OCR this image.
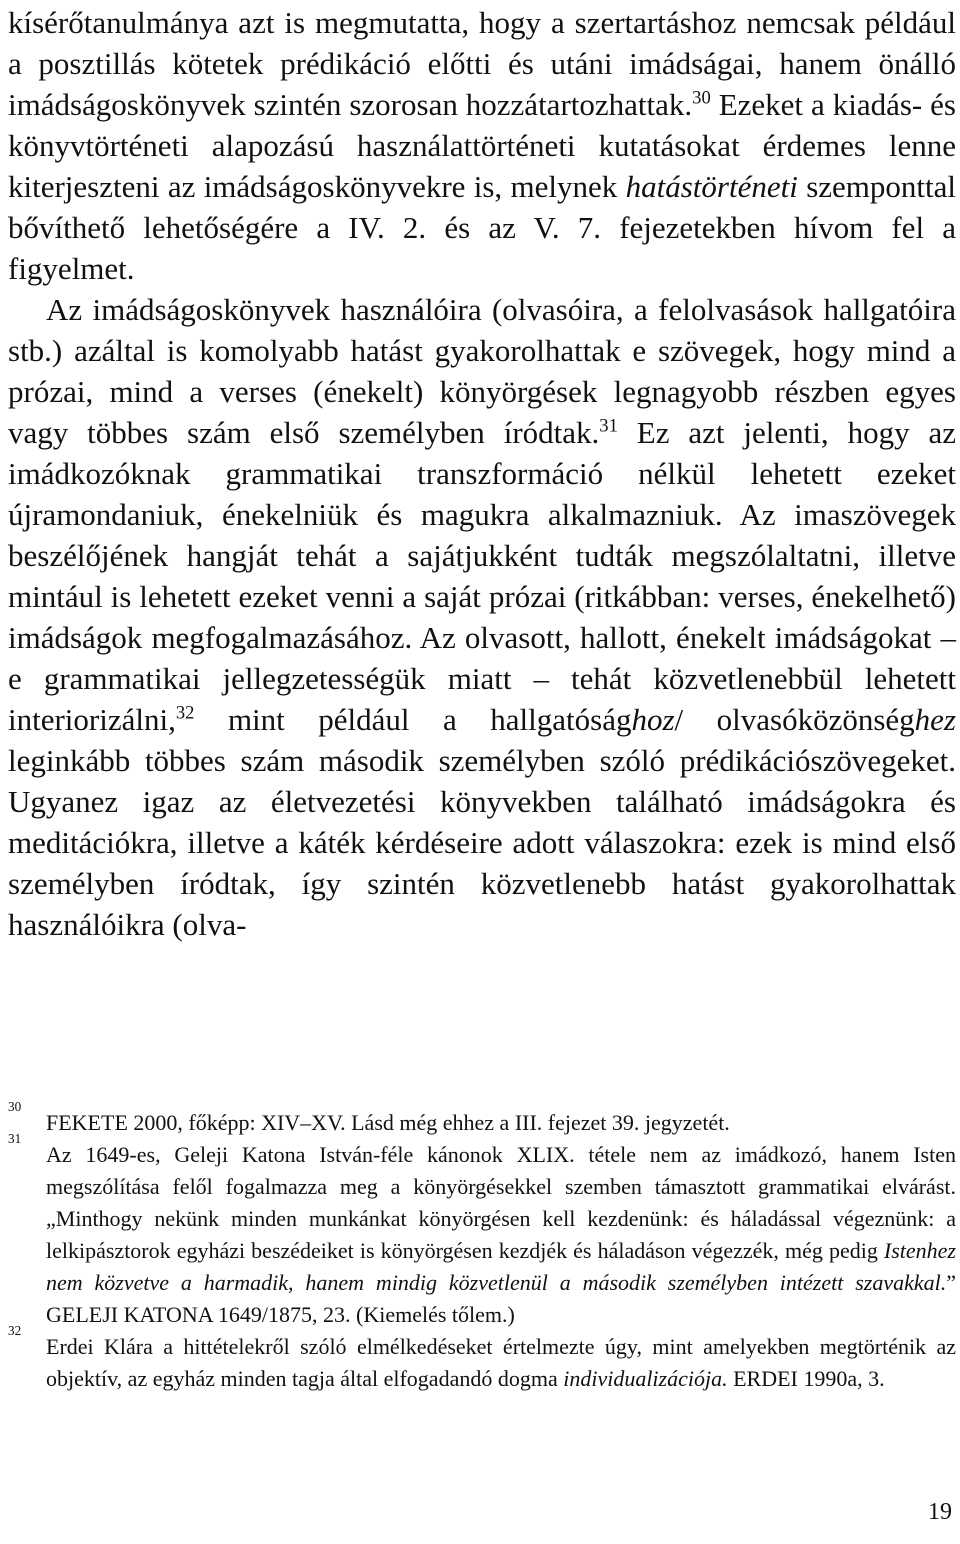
kísérőtanulmánya azt is megmutatta, hogy a szertartáshoz nemcsak például a posztillás kötetek prédikáció előtti és utáni imádságai, hanem önálló imádságoskönyvek szintén szorosan hozzátartozhattak.$^{30}$ Ezeket a kiadás- és könyvtörténeti alapozású használattörténeti kutatásokat érdemes lenne kiterjeszteni az imádságoskönyvekre is, melynek hatástörténeti szemponttal bővíthető lehetőségére a IV. 2. és az V. 7. fejezetekben hívom fel a figyelmet.

Az imádságoskönyvek használóira (olvasóira, a felolvasások hallgatóira stb.) azáltal is komolyabb hatást gyakorolhattak e szövegek, hogy mind a prózai, mind a verses (énekelt) könyörgések legnagyobb részben egyes vagy többes szám első személyben íródtak.$^{31}$ Ez azt jelenti, hogy az imádkozóknak grammatikai transzformáció nélkül lehetett ezeket újramondaniuk, énekelniük és magukra alkalmazniuk. Az imaszövegek beszélőjének hangját tehát a sajátjukként tudták megszólaltatni, illetve mintául is lehetett ezeket venni a saját prózai (ritkábban: verses, énekelhető) imádságok megfogalmazásához. Az olvasott, hallott, énekelt imádságokat – e grammatikai jellegzetességük miatt – tehát közvetlenebbül lehetett interiorizálni,$^{32}$ mint például a hallgatósághoz/ olvasóközönséghez leginkább többes szám második személyben szóló prédikációszövegeket. Ugyanez igaz az életvezetési könyvekben található imádságokra és meditációkra, illetve a káték kérdéseire adott válaszokra: ezek is mind első személyben íródtak, így szintén közvetlenebb hatást gyakorolhattak használóikra (olva-

30
FEKETE 2000, főképp: XIV–XV. Lásd még ehhez a III. fejezet 39. jegyzetét.

31
Az 1649-es, Geleji Katona István-féle kánonok XLIX. tétele nem az imádkozó, hanem Isten megszólítása felől fogalmazza meg a könyörgésekkel szemben támasztott grammatikai elvárást. „Minthogy nekünk minden munkánkat könyörgésen kell kezdenünk: és háladással végeznünk: a lelkipásztorok egyházi beszédeiket is könyörgésen kezdjék és háladáson végezzék, még pedig Istenhez nem közvetve a harmadik, hanem mindig közvetlenül a második személyben intézett szavakkal.” GELEJI KATONA 1649/1875, 23. (Kiemelés tőlem.)

32
Erdei Klára a hittételekről szóló elmélkedéseket értelmezte úgy, mint amelyekben megtörténik az objektív, az egyház minden tagja által elfogadandó dogma individualizációja. ERDEI 1990a, 3.

19
